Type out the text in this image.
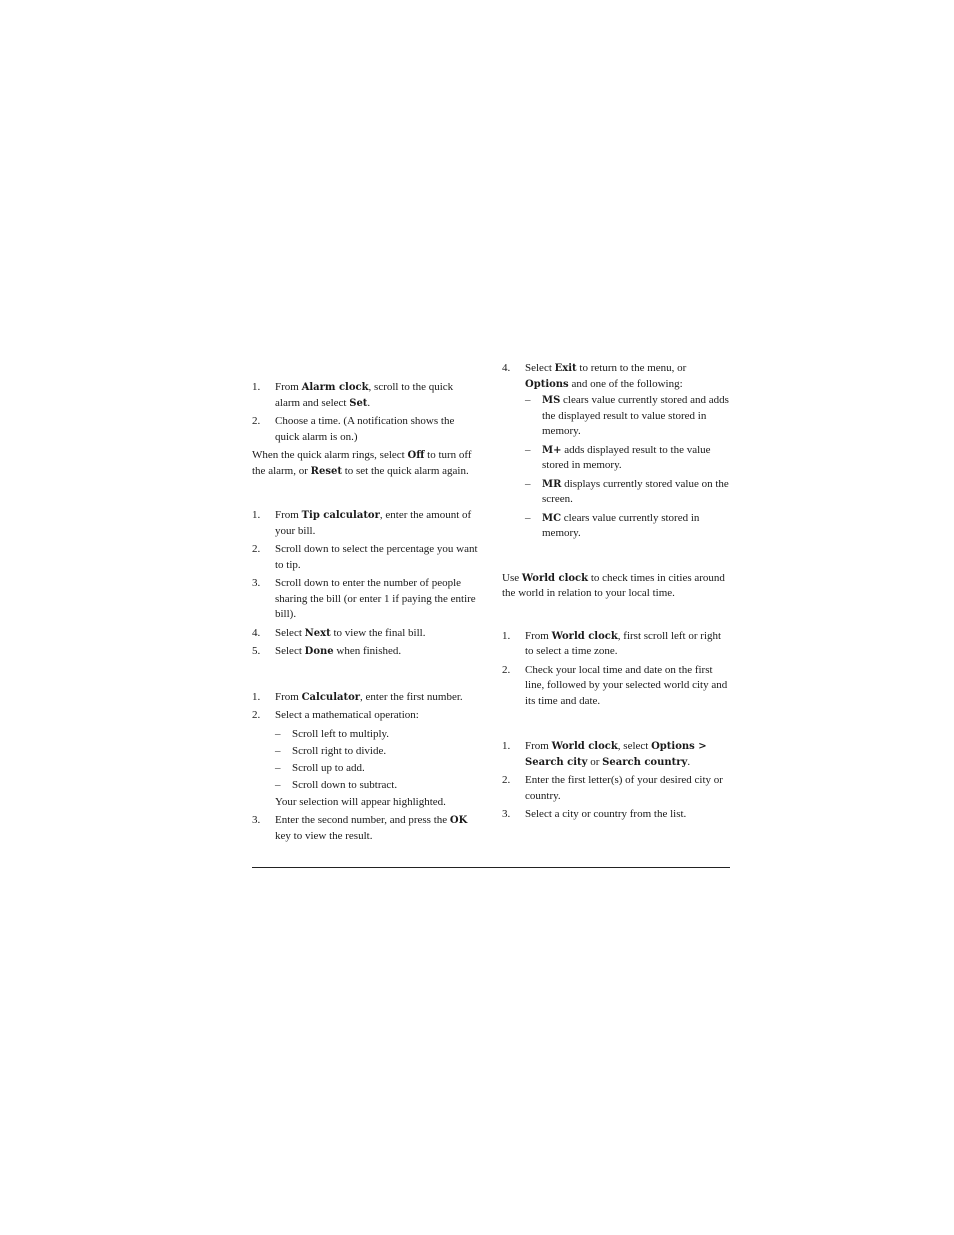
1. From Alarm clock, scroll to the quick alarm and select Set.
2. Choose a time. (A notification shows the quick alarm is on.)
When the quick alarm rings, select Off to turn off the alarm, or Reset to set the quick alarm again.
1. From Tip calculator, enter the amount of your bill.
2. Scroll down to select the percentage you want to tip.
3. Scroll down to enter the number of people sharing the bill (or enter 1 if paying the entire bill).
4. Select Next to view the final bill.
5. Select Done when finished.
1. From Calculator, enter the first number.
2. Select a mathematical operation:
– Scroll left to multiply.
– Scroll right to divide.
– Scroll up to add.
– Scroll down to subtract.
Your selection will appear highlighted.
3. Enter the second number, and press the OK key to view the result.
4. Select Exit to return to the menu, or Options and one of the following:
– MS clears value currently stored and adds the displayed result to value stored in memory.
– M+ adds displayed result to the value stored in memory.
– MR displays currently stored value on the screen.
– MC clears value currently stored in memory.
Use World clock to check times in cities around the world in relation to your local time.
1. From World clock, first scroll left or right to select a time zone.
2. Check your local time and date on the first line, followed by your selected world city and its time and date.
1. From World clock, select Options > Search city or Search country.
2. Enter the first letter(s) of your desired city or country.
3. Select a city or country from the list.
